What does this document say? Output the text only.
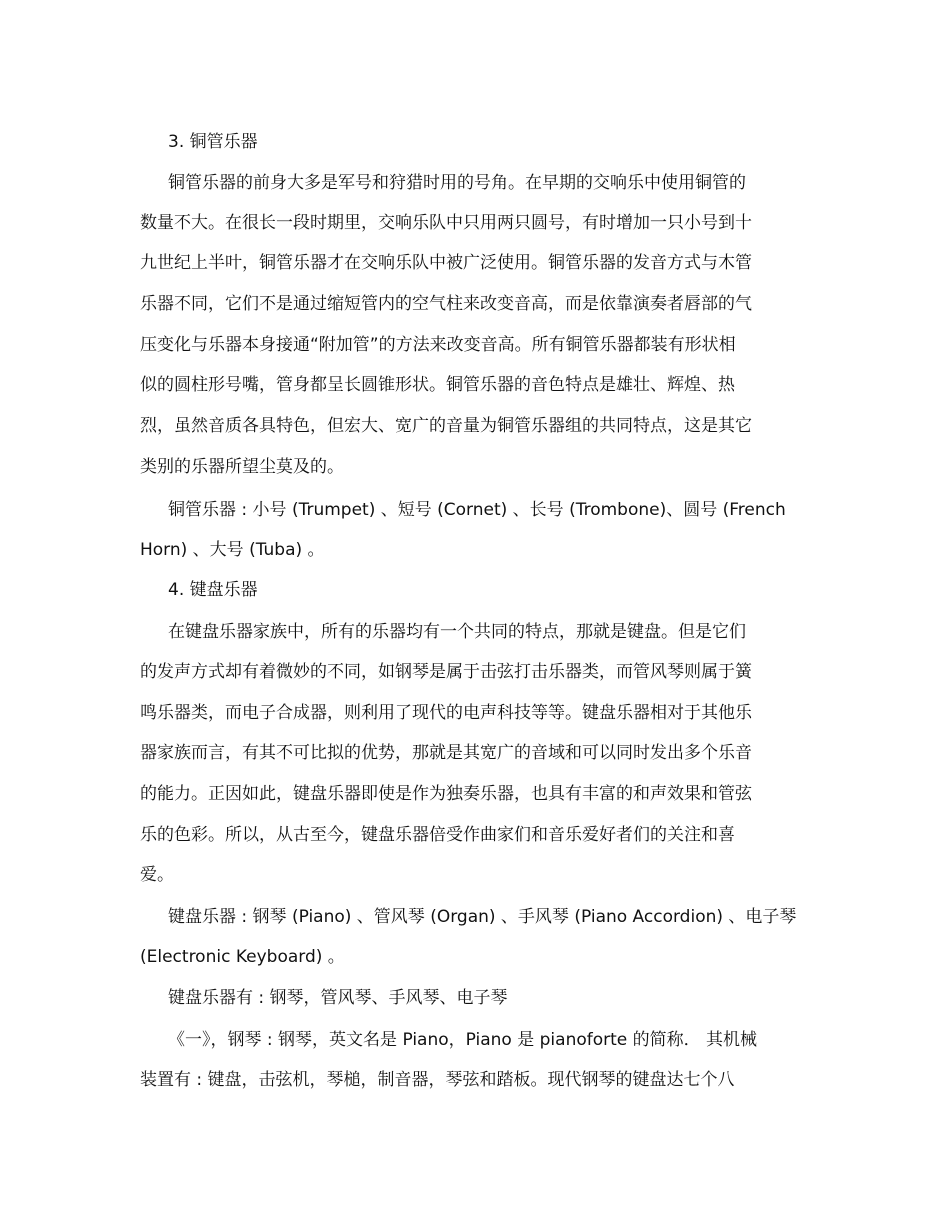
3. 铜管乐器
铜管乐器的前身大多是军号和狩猎时用的号角。在早期的交响乐中使用铜管的
数量不大。在很长一段时期里，交响乐队中只用两只圆号，有时增加一只小号到十
九世纪上半叶，铜管乐器才在交响乐队中被广泛使用。铜管乐器的发音方式与木管
乐器不同，它们不是通过缩短管内的空气柱来改变音高，而是依靠演奏者唇部的气
压变化与乐器本身接通“附加管”的方法来改变音高。所有铜管乐器都装有形状相
似的圆柱形号嘴，管身都呈长圆锥形状。铜管乐器的音色特点是雄壮、辉煌、热
烈，虽然音质各具特色，但宏大、宽广的音量为铜管乐器组的共同特点，这是其它
类别的乐器所望尘莫及的。
铜管乐器 : 小号 (Trumpet) 、短号 (Cornet) 、长号 (Trombone)、圆号 (French
Horn) 、大号 (Tuba) 。
4. 键盘乐器
在键盘乐器家族中，所有的乐器均有一个共同的特点，那就是键盘。但是它们
的发声方式却有着微妙的不同，如钢琴是属于击弦打击乐器类，而管风琴则属于簧
鸣乐器类，而电子合成器，则利用了现代的电声科技等等。键盘乐器相对于其他乐
器家族而言，有其不可比拟的优势，那就是其宽广的音域和可以同时发出多个乐音
的能力。正因如此，键盘乐器即使是作为独奏乐器，也具有丰富的和声效果和管弦
乐的色彩。所以，从古至今，键盘乐器倍受作曲家们和音乐爱好者们的关注和喜
爱。
键盘乐器 : 钢琴 (Piano) 、管风琴 (Organ) 、手风琴 (Piano Accordion) 、电子琴
(Electronic Keyboard) 。
键盘乐器有 : 钢琴，管风琴、手风琴、电子琴
《一》，钢琴 : 钢琴，英文名是 Piano，Piano 是 pianoforte 的简称． 其机械
装置有 : 键盘，击弦机，琴槌，制音器，琴弦和踏板。现代钢琴的键盘达七个八
